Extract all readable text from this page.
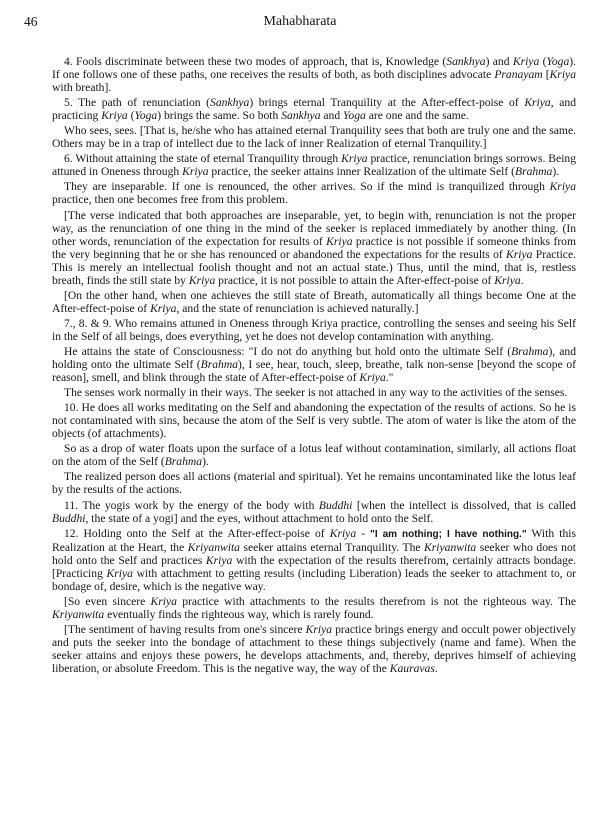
46	Mahabharata

4. Fools discriminate between these two modes of approach, that is, Knowledge (Sankhya) and Kriya (Yoga). If one follows one of these paths, one receives the results of both, as both disciplines advocate Pranayam [Kriya with breath].

5. The path of renunciation (Sankhya) brings eternal Tranquility at the After-effect-poise of Kriya, and practicing Kriya (Yoga) brings the same. So both Sankhya and Yoga are one and the same.

Who sees, sees. [That is, he/she who has attained eternal Tranquility sees that both are truly one and the same. Others may be in a trap of intellect due to the lack of inner Realization of eternal Tranquility.]

6. Without attaining the state of eternal Tranquility through Kriya practice, renunciation brings sorrows. Being attuned in Oneness through Kriya practice, the seeker attains inner Realization of the ultimate Self (Brahma).

They are inseparable. If one is renounced, the other arrives. So if the mind is tranquilized through Kriya practice, then one becomes free from this problem.

[The verse indicated that both approaches are inseparable, yet, to begin with, renunciation is not the proper way, as the renunciation of one thing in the mind of the seeker is replaced immediately by another thing. (In other words, renunciation of the expectation for results of Kriya practice is not possible if someone thinks from the very beginning that he or she has renounced or abandoned the expectations for the results of Kriya Practice. This is merely an intellectual foolish thought and not an actual state.) Thus, until the mind, that is, restless breath, finds the still state by Kriya practice, it is not possible to attain the After-effect-poise of Kriya.

[On the other hand, when one achieves the still state of Breath, automatically all things become One at the After-effect-poise of Kriya, and the state of renunciation is achieved naturally.]

7., 8. & 9. Who remains attuned in Oneness through Kriya practice, controlling the senses and seeing his Self in the Self of all beings, does everything, yet he does not develop contamination with anything.

He attains the state of Consciousness: "I do not do anything but hold onto the ultimate Self (Brahma), and holding onto the ultimate Self (Brahma), I see, hear, touch, sleep, breathe, talk non-sense [beyond the scope of reason], smell, and blink through the state of After-effect-poise of Kriya."

The senses work normally in their ways. The seeker is not attached in any way to the activities of the senses.

10. He does all works meditating on the Self and abandoning the expectation of the results of actions. So he is not contaminated with sins, because the atom of the Self is very subtle. The atom of water is like the atom of the objects (of attachments).

So as a drop of water floats upon the surface of a lotus leaf without contamination, similarly, all actions float on the atom of the Self (Brahma).

The realized person does all actions (material and spiritual). Yet he remains uncontaminated like the lotus leaf by the results of the actions.

11. The yogis work by the energy of the body with Buddhi [when the intellect is dissolved, that is called Buddhi, the state of a yogi] and the eyes, without attachment to hold onto the Self.

12. Holding onto the Self at the After-effect-poise of Kriya - "I am nothing; I have nothing." With this Realization at the Heart, the Kriyanwita seeker attains eternal Tranquility. The Kriyanwita seeker who does not hold onto the Self and practices Kriya with the expectation of the results therefrom, certainly attracts bondage. [Practicing Kriya with attachment to getting results (including Liberation) leads the seeker to attachment to, or bondage of, desire, which is the negative way.

[So even sincere Kriya practice with attachments to the results therefrom is not the righteous way. The Kriyanwita eventually finds the righteous way, which is rarely found.

[The sentiment of having results from one's sincere Kriya practice brings energy and occult power objectively and puts the seeker into the bondage of attachment to these things subjectively (name and fame). When the seeker attains and enjoys these powers, he develops attachments, and, thereby, deprives himself of achieving liberation, or absolute Freedom. This is the negative way, the way of the Kauravas.
